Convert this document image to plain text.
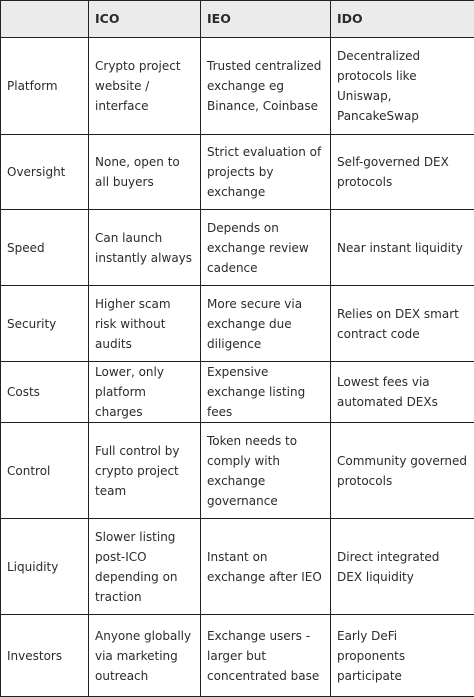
	ICO	IEO	IDO
Platform	Crypto project website / interface	Trusted centralized exchange eg Binance, Coinbase	Decentralized protocols like Uniswap, PancakeSwap
Oversight	None, open to all buyers	Strict evaluation of projects by exchange	Self-governed DEX protocols
Speed	Can launch instantly always	Depends on exchange review cadence	Near instant liquidity
Security	Higher scam risk without audits	More secure via exchange due diligence	Relies on DEX smart contract code
Costs	Lower, only platform charges	Expensive exchange listing fees	Lowest fees via automated DEXs
Control	Full control by crypto project team	Token needs to comply with exchange governance	Community governed protocols
Liquidity	Slower listing post-ICO depending on traction	Instant on exchange after IEO	Direct integrated DEX liquidity
Investors	Anyone globally via marketing outreach	Exchange users - larger but concentrated base	Early DeFi proponents participate
